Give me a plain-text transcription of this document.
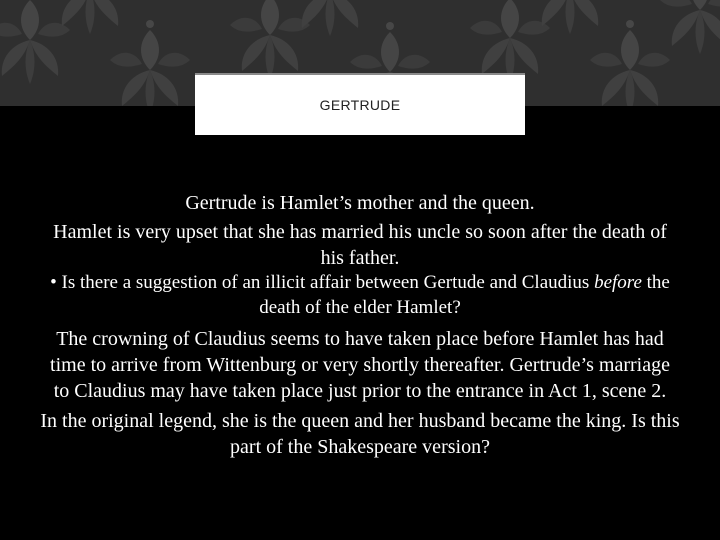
GERTRUDE

Gertrude is Hamlet’s mother and the queen.

Hamlet is very upset that she has married his uncle so soon after the death of his father.

• Is there a suggestion of an illicit affair between Gertude and Claudius before the death of the elder Hamlet?

The crowning of Claudius seems to have taken place before Hamlet has had time to arrive from Wittenburg or very shortly thereafter. Gertrude’s marriage to Claudius may have taken place just prior to the entrance in Act 1, scene 2.

In the original legend, she is the queen and her husband became the king. Is this part of the Shakespeare version?
